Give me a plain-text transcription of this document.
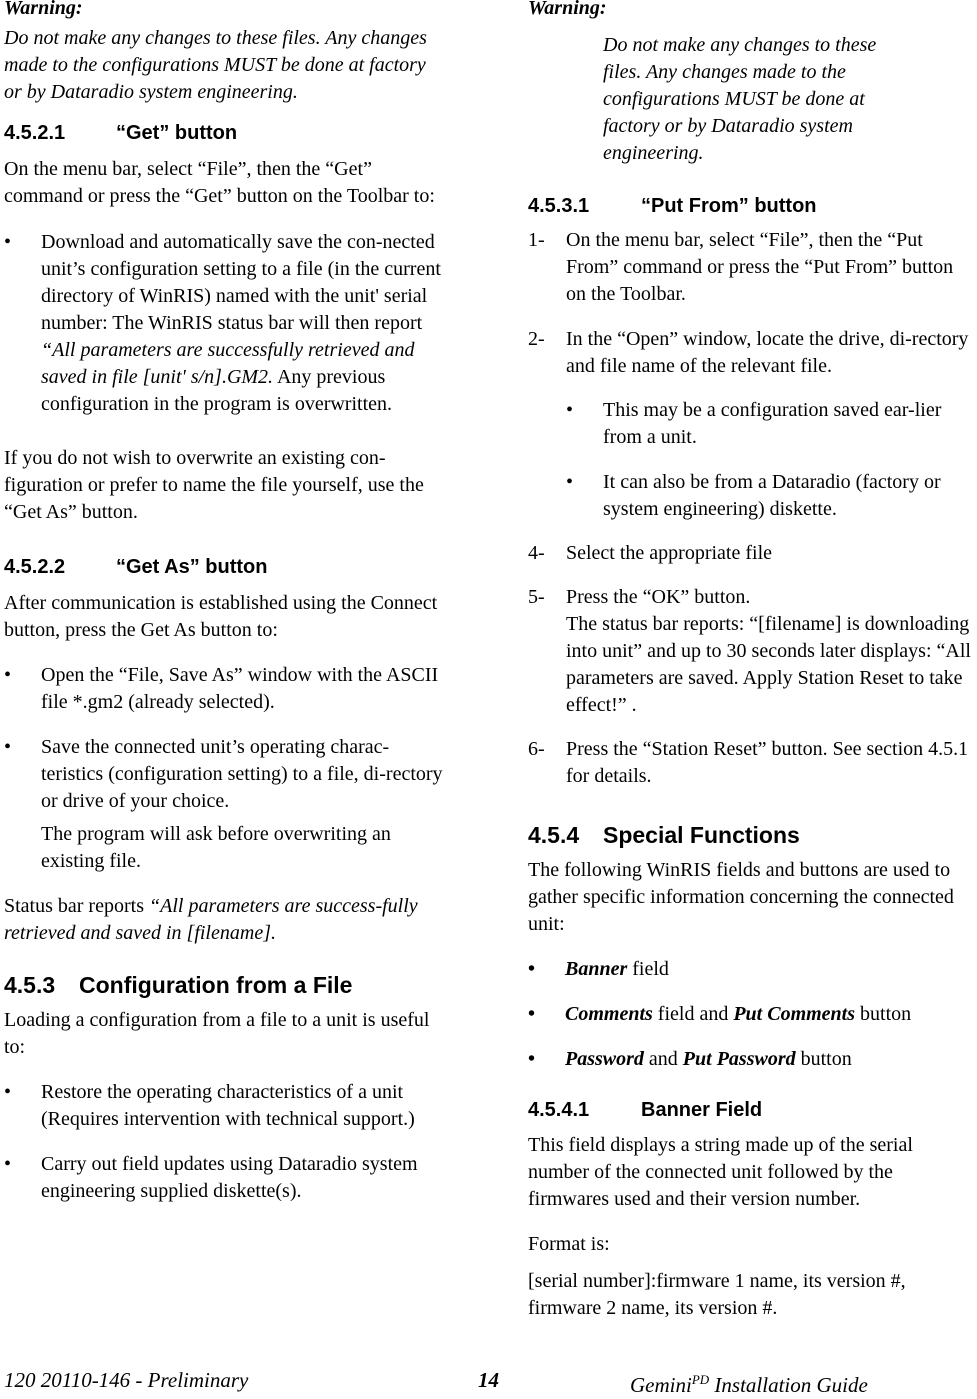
Warning:

Do not make any changes to these files. Any changes made to the configurations MUST be done at factory or by Dataradio system engineering.

4.5.2.1	“Get” button

On the menu bar, select “File”, then the “Get” command or press the “Get” button on the Toolbar to:

• Download and automatically save the con-nected unit’s configuration setting to a file (in the current directory of WinRIS) named with the unit' serial number: The WinRIS status bar will then report “All parameters are successfully retrieved and saved in file [unit' s/n].GM2. Any previous configuration in the program is overwritten.

If you do not wish to overwrite an existing con-figuration or prefer to name the file yourself, use the “Get As” button.

4.5.2.2	“Get As” button

After communication is established using the Connect button, press the Get As button to:

• Open the “File, Save As” window with the ASCII file *.gm2 (already selected).
• Save the connected unit’s operating charac-teristics (configuration setting) to a file, di-rectory or drive of your choice.
The program will ask before overwriting an existing file.

Status bar reports “All parameters are success-fully retrieved and saved in [filename].

4.5.3 Configuration from a File

Loading a configuration from a file to a unit is useful to:

• Restore the operating characteristics of a unit (Requires intervention with technical support.)
• Carry out field updates using Dataradio system engineering supplied diskette(s).

Warning:

Do not make any changes to these files. Any changes made to the configurations MUST be done at factory or by Dataradio system engineering.

4.5.3.1	“Put From” button

1- On the menu bar, select “File”, then the “Put From” command or press the “Put From” button on the Toolbar.
2- In the “Open” window, locate the drive, di-rectory and file name of the relevant file.
• This may be a configuration saved ear-lier from a unit.
• It can also be from a Dataradio (factory or system engineering) diskette.
4- Select the appropriate file
5- Press the “OK” button.
The status bar reports: “[filename] is downloading into unit” and up to 30 seconds later displays: “All parameters are saved. Apply Station Reset to take effect!” .
6- Press the “Station Reset” button. See section 4.5.1 for details.

4.5.4 Special Functions

The following WinRIS fields and buttons are used to gather specific information concerning the connected unit:

• Banner field
• Comments field and Put Comments button
• Password and Put Password button

4.5.4.1	Banner Field

This field displays a string made up of the serial number of the connected unit followed by the firmwares used and their version number.

Format is:

[serial number]:firmware 1 name, its version #, firmware 2 name, its version #.

120 20110-146 - Preliminary	14	Gemini$^{PD}$ Installation Guide
